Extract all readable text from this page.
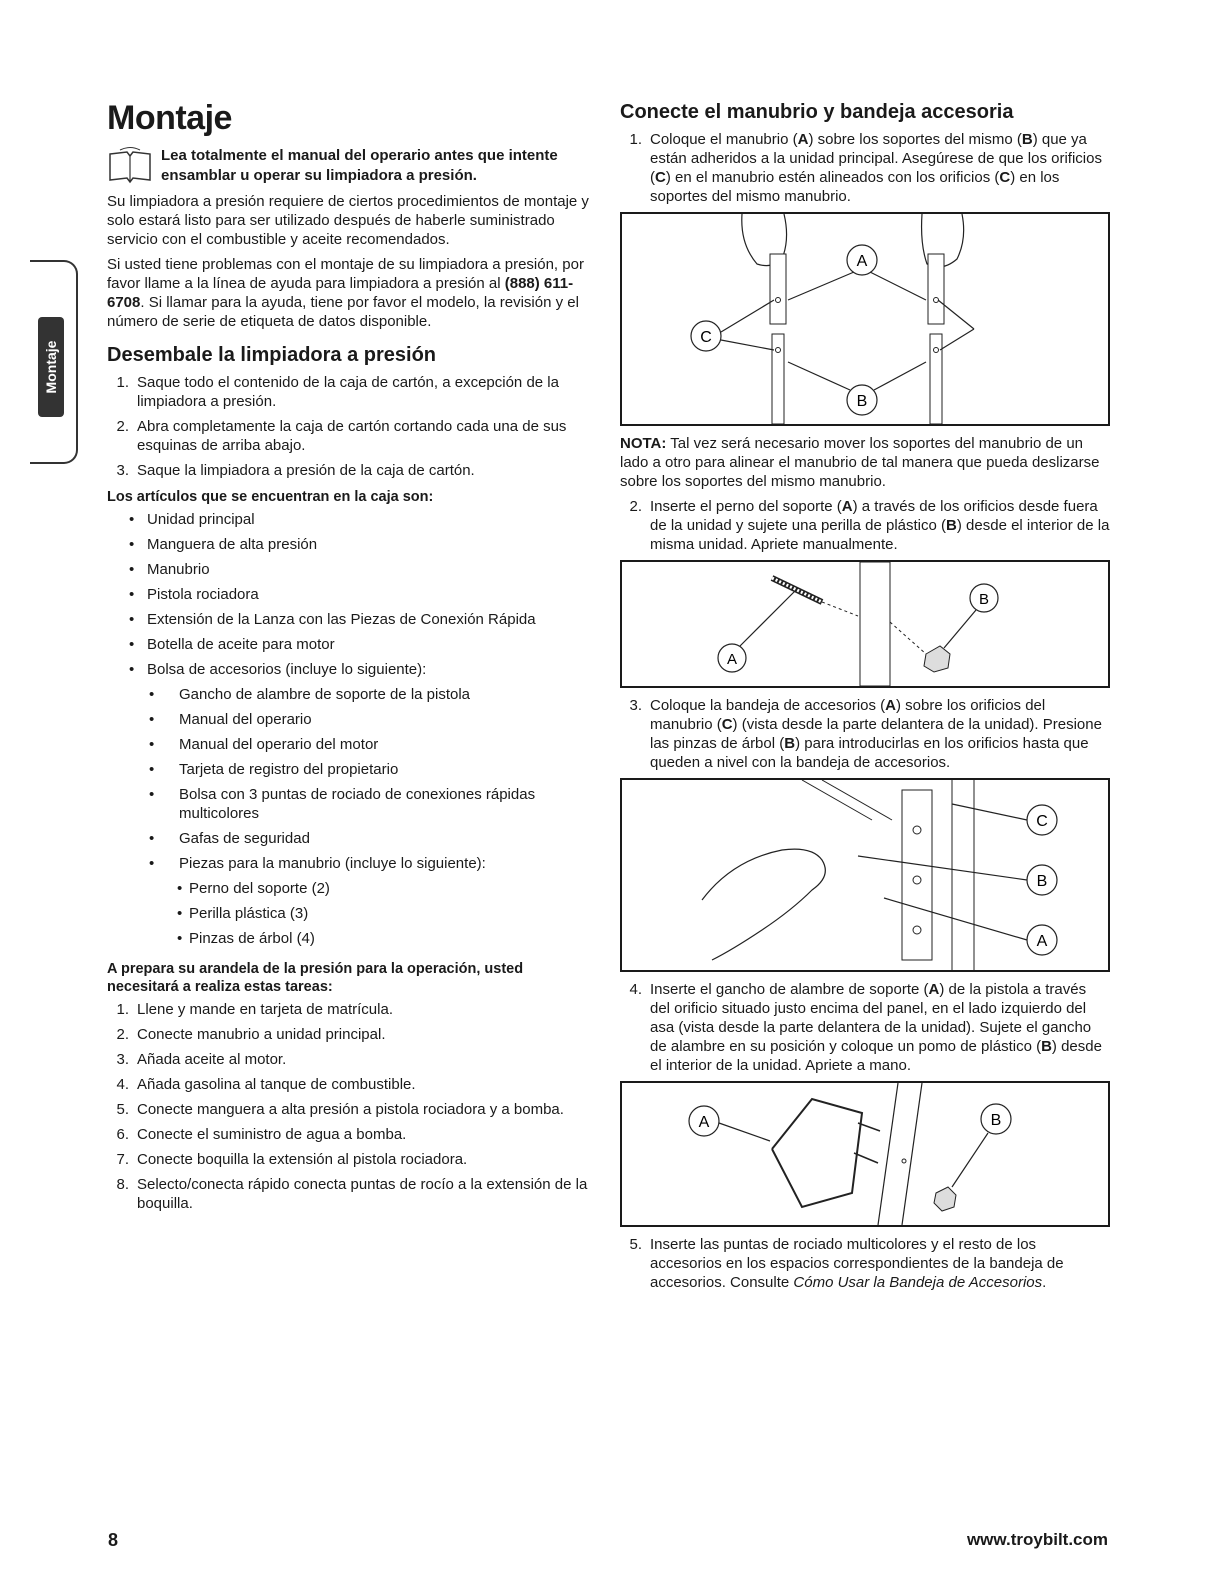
Montaje
Montaje

Lea totalmente el manual del operario antes que intente ensamblar u operar su limpiadora a presión.

Su limpiadora a presión requiere de ciertos procedimientos de montaje y solo estará listo para ser utilizado después de haberle suministrado servicio con el combustible y aceite recomendados.

Si usted tiene problemas con el montaje de su limpiadora a presión, por favor llame a la línea de ayuda para limpiadora a presión al (888) 611-6708. Si llamar para la ayuda, tiene por favor el modelo, la revisión y el número de serie de etiqueta de datos disponible.

Desembale la limpiadora a presión
1. Saque todo el contenido de la caja de cartón, a excepción de la limpiadora a presión.
2. Abra completamente la caja de cartón cortando cada una de sus esquinas de arriba abajo.
3. Saque la limpiadora a presión de la caja de cartón.
Los artículos que se encuentran en la caja son:
• Unidad principal
• Manguera de alta presión
• Manubrio
• Pistola rociadora
• Extensión de la Lanza con las Piezas de Conexión Rápida
• Botella de aceite para motor
• Bolsa de accesorios (incluye lo siguiente):
• Gancho de alambre de soporte de la pistola
• Manual del operario
• Manual del operario del motor
• Tarjeta de registro del propietario
• Bolsa con 3 puntas de rociado de conexiones rápidas multicolores
• Gafas de seguridad
• Piezas para la manubrio (incluye lo siguiente):
• Perno del soporte (2)
• Perilla plástica (3)
• Pinzas de árbol (4)
A prepara su arandela de la presión para la operación, usted necesitará a realiza estas tareas:
1. Llene y mande en tarjeta de matrícula.
2. Conecte manubrio a unidad principal.
3. Añada aceite al motor.
4. Añada gasolina al tanque de combustible.
5. Conecte manguera a alta presión a pistola rociadora y a bomba.
6. Conecte el suministro de agua a bomba.
7. Conecte boquilla la extensión al pistola rociadora.
8. Selecto/conecta rápido conecta puntas de rocío a la extensión de la boquilla.
Conecte el manubrio y bandeja accesoria
1. Coloque el manubrio (A) sobre los soportes del mismo (B) que ya están adheridos a la unidad principal. Asegúrese de que los orificios (C) en el manubrio estén alineados con los orificios (C) en los soportes del mismo manubrio.
A
C
B

NOTA: Tal vez será necesario mover los soportes del manubrio de un lado a otro para alinear el manubrio de tal manera que pueda deslizarse sobre los soportes del mismo manubrio.

2. Inserte el perno del soporte (A) a través de los orificios desde fuera de la unidad y sujete una perilla de plástico (B) desde el interior de la misma unidad. Apriete manualmente.
A
B
3. Coloque la bandeja de accesorios (A) sobre los orificios del manubrio (C) (vista desde la parte delantera de la unidad). Presione las pinzas de árbol (B) para introducirlas en los orificios hasta que queden a nivel con la bandeja de accesorios.
C
B
A
4. Inserte el gancho de alambre de soporte (A) de la pistola a través del orificio situado justo encima del panel, en el lado izquierdo del asa (vista desde la parte delantera de la unidad). Sujete el gancho de alambre en su posición y coloque un pomo de plástico (B) desde el interior de la unidad. Apriete a mano.
A	B
5. Inserte las puntas de rociado multicolores y el resto de los accesorios en los espacios correspondientes de la bandeja de accesorios. Consulte Cómo Usar la Bandeja de Accesorios.
8	www.troybilt.com
